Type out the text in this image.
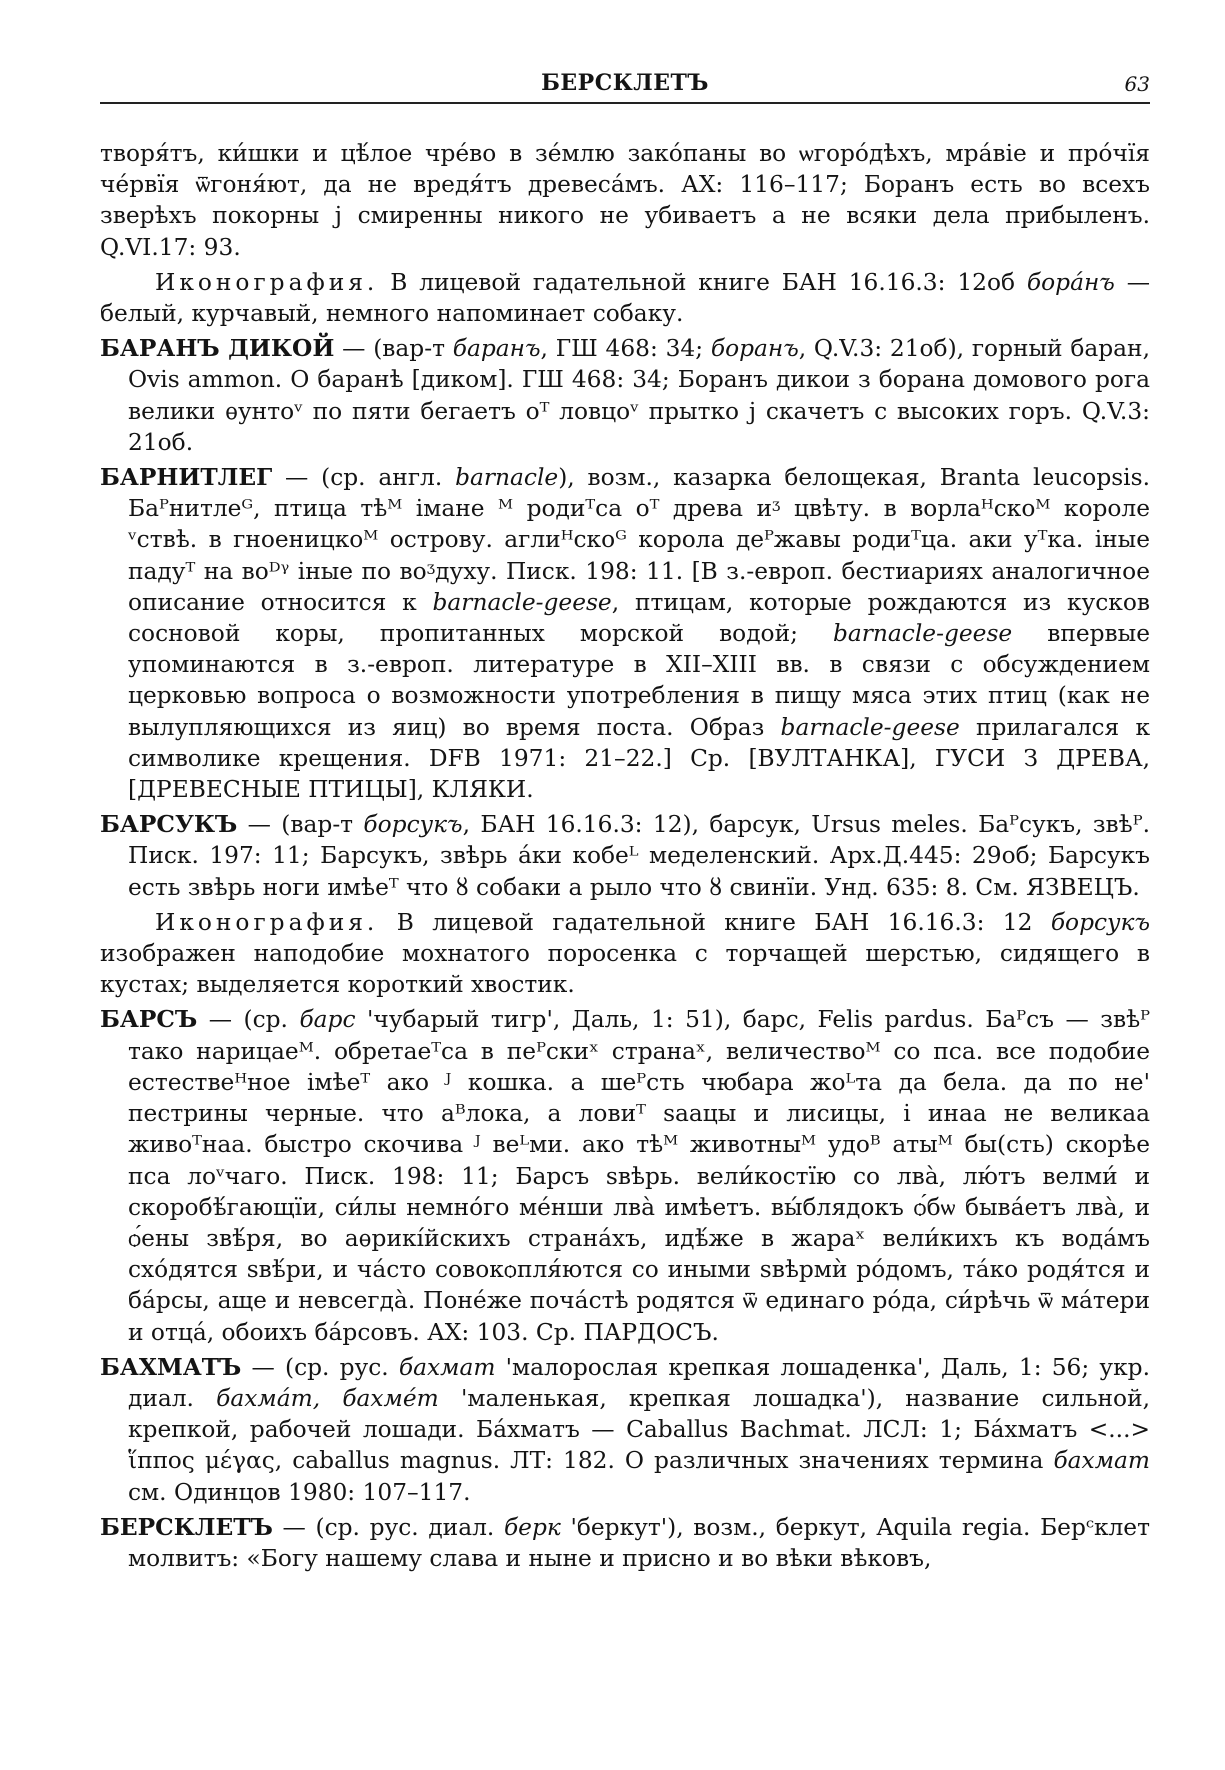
БЕРСКЛЕТЪ	63

творя́тъ, ки́шки и цѣ́лое чре́во в зе́млю зако́паны во ѡгоро́дѣхъ, мра́віе и про́чїя че́рвїя ѿгоня́ют, да не вредя́тъ древеса́мъ. АХ: 116–117; Боранъ есть во всехъ зверѣхъ покорны ј смиренны никого не убиваетъ а не всяки дела прибыленъ. Q.VI.17: 93.

Иконография. В лицевой гадательной книге БАН 16.16.3: 12об бора́нъ — белый, курчавый, немного напоминает собаку.

БАРАНЪ ДИКОЙ — (вар-т баранъ, ГШ 468: 34; боранъ, Q.V.3: 21об), горный баран, Ovis ammon. О баранѣ [диком]. ГШ 468: 34; Боранъ дикои з борана домового рога велики ѳунтоᵛ по пяти бегаетъ оᵀ ловцоᵛ прытко ј скачетъ с высоких горъ. Q.V.3: 21об.

БАРНИТЛЕГ — (ср. англ. barnacle), возм., казарка белощекая, Branta leucopsis. Баᴾнитлеᴳ, птица тѣᴹ імане ᴹ родиᵀса оᵀ древа иᶾ цвѣту. в ворлаᴴскоᴹ короле ᵛствѣ. в гноеницкоᴹ острову. аглиᴴскоᴳ корола деᴾжавы родиᵀца. аки уᵀка. іные падуᵀ на воᴰᵞ іные по воᶾдуху. Писк. 198: 11. [В з.-европ. бестиариях аналогичное описание относится к barnacle-geese, птицам, которые рождаются из кусков сосновой коры, пропитанных морской водой; barnacle-geese впервые упоминаются в з.-европ. литературе в XII–XIII вв. в связи с обсуждением церковью вопроса о возможности употребления в пищу мяса этих птиц (как не вылупляющихся из яиц) во время поста. Образ barnacle-geese прилагался к символике крещения. DFB 1971: 21–22.] Ср. [ВУЛТАНКА], ГУСИ З ДРЕВА, [ДРЕВЕСНЫЕ ПТИЦЫ], КЛЯКИ.

БАРСУКЪ — (вар-т борсукъ, БАН 16.16.3: 12), барсук, Ursus meles. Баᴾсукъ, звѣᴾ. Писк. 197: 11; Барсукъ, звѣрь а́ки кобеᴸ меделенский. Арх.Д.445: 29об; Барсукъ есть звѣрь ноги имѣеᵀ что ȣ собаки а рыло что ȣ свинїи. Унд. 635: 8. См. ЯЗВЕЦЪ.

Иконография. В лицевой гадательной книге БАН 16.16.3: 12 борсукъ изображен наподобие мохнатого поросенка с торчащей шерстью, сидящего в кустах; выделяется короткий хвостик.

БАРСЪ — (ср. барс 'чубарый тигр', Даль, 1: 51), барс, Felis pardus. Баᴾсъ — звѣᴾ тако нарицаеᴹ. обретаеᵀса в пеᴾскиˣ странаˣ, величествоᴹ со пса. все подобие естествеᴴное імѣеᵀ ако ᴶ кошка. а шеᴾсть чюбара жоᴸта да бела. да по не' пестрины черные. что аᴮлока, а ловиᵀ ѕаацы и лисицы, і инаа не великаа живоᵀнаа. быстро скочива ᴶ веᴸми. ако тѣᴹ животныᴹ удоᴮ атыᴹ бы(сть) скорѣе пса лоᵛчаго. Писк. 198: 11; Барсъ ѕвѣрь. вели́костїю со лва̀, лю́тъ велми́ и скоробѣ́гающїи, си́лы немно́го ме́нши лва̀ имѣетъ. вы́блядокъ ѻ́бѡ быва́етъ лва̀, и ѻ́ены звѣ́ря, во аѳрикі́йскихъ страна́хъ, идѣ́же в жараˣ вели́кихъ къ вода́мъ схо́дятся ѕвѣ́ри, и ча́сто совокѻпля́ются со иными ѕвѣрмѝ ро́домъ, та́ко родя́тся и ба́рсы, аще и невсегда̀. Поне́же поча́стѣ родятся ѿ единаго ро́да, си́рѣчь ѿ ма́тери и отца́, обоихъ ба́рсовъ. АХ: 103. Ср. ПАРДОСЪ.

БАХМАТЪ — (ср. рус. бахмат 'малорослая крепкая лошаденка', Даль, 1: 56; укр. диал. бахма́т, бахме́т 'маленькая, крепкая лошадка'), название сильной, крепкой, рабочей лошади. Ба́хматъ — Caballus Bachmat. ЛСЛ: 1; Ба́хматъ <...> ἵππος μέγας, caballus magnus. ЛТ: 182. О различных значениях термина бахмат см. Одинцов 1980: 107–117.

БЕРСКЛЕТЪ — (ср. рус. диал. берк 'беркут'), возм., беркут, Aquila regia. Берᶜклет молвитъ: «Богу нашему слава и ныне и присно и во вѣки вѣковъ,
